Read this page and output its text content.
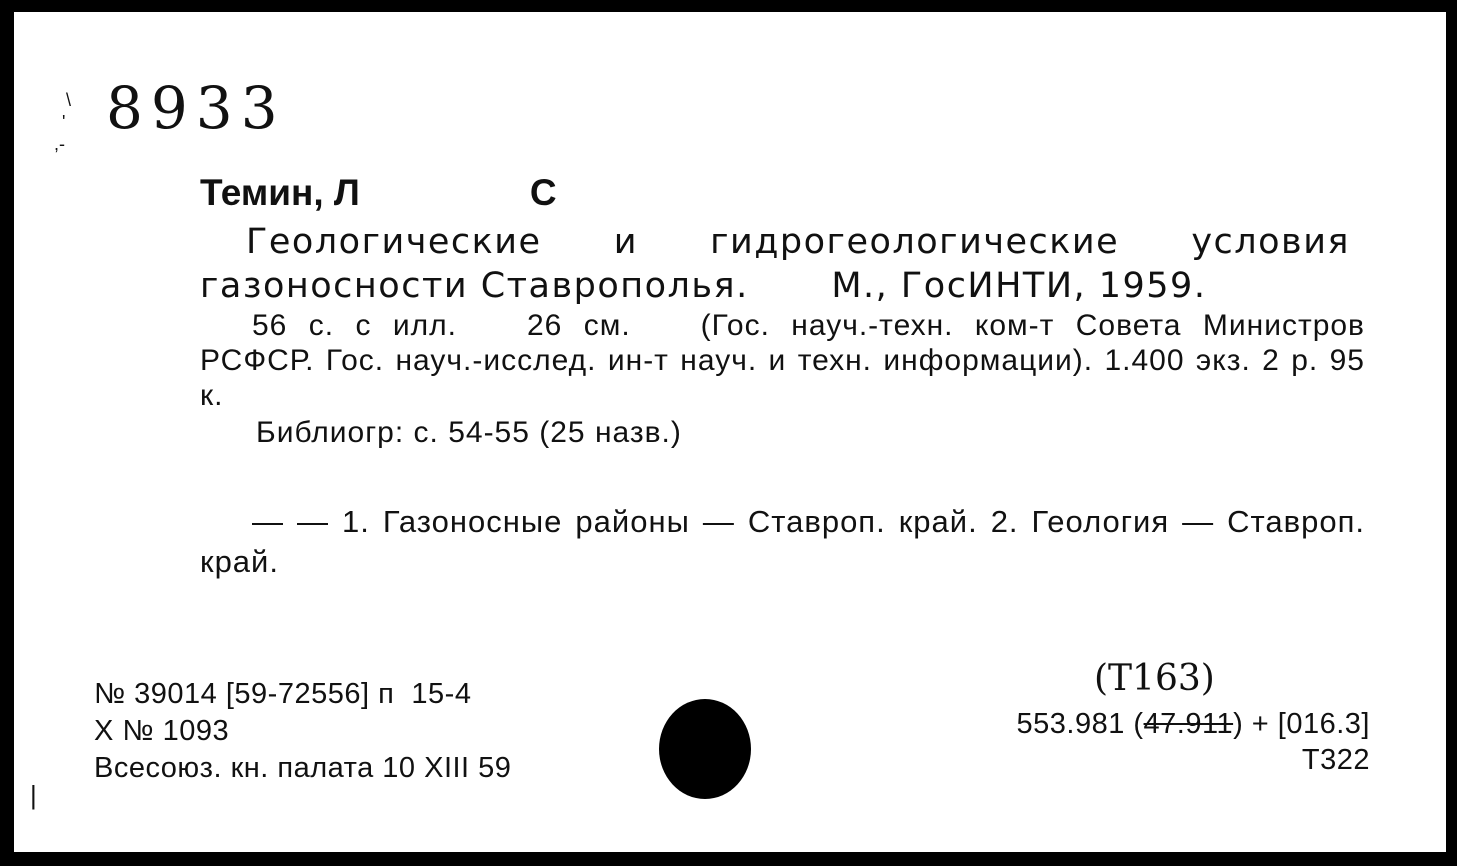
\
'
,-
|
8933
Темин, Л	С
Геологические и гидрогеологические условия газоносности Ставрополья. М., ГосИНТИ, 1959.
56 с. с илл. 26 см. (Гос. науч.-техн. ком-т Совета Министров РСФСР. Гос. науч.-исслед. ин-т науч. и техн. информации). 1.400 экз. 2 р. 95 к.
Библиогр: с. 54-55 (25 назв.)
— — 1. Газоносные районы — Ставроп. край. 2. Геология — Ставроп. край.
№ 39014 [59-72556] п  15-4
X № 1093
Всесоюз. кн. палата 10 XIII 59
(Т163)
553.981 (47.911) + [016.3]
Т322
